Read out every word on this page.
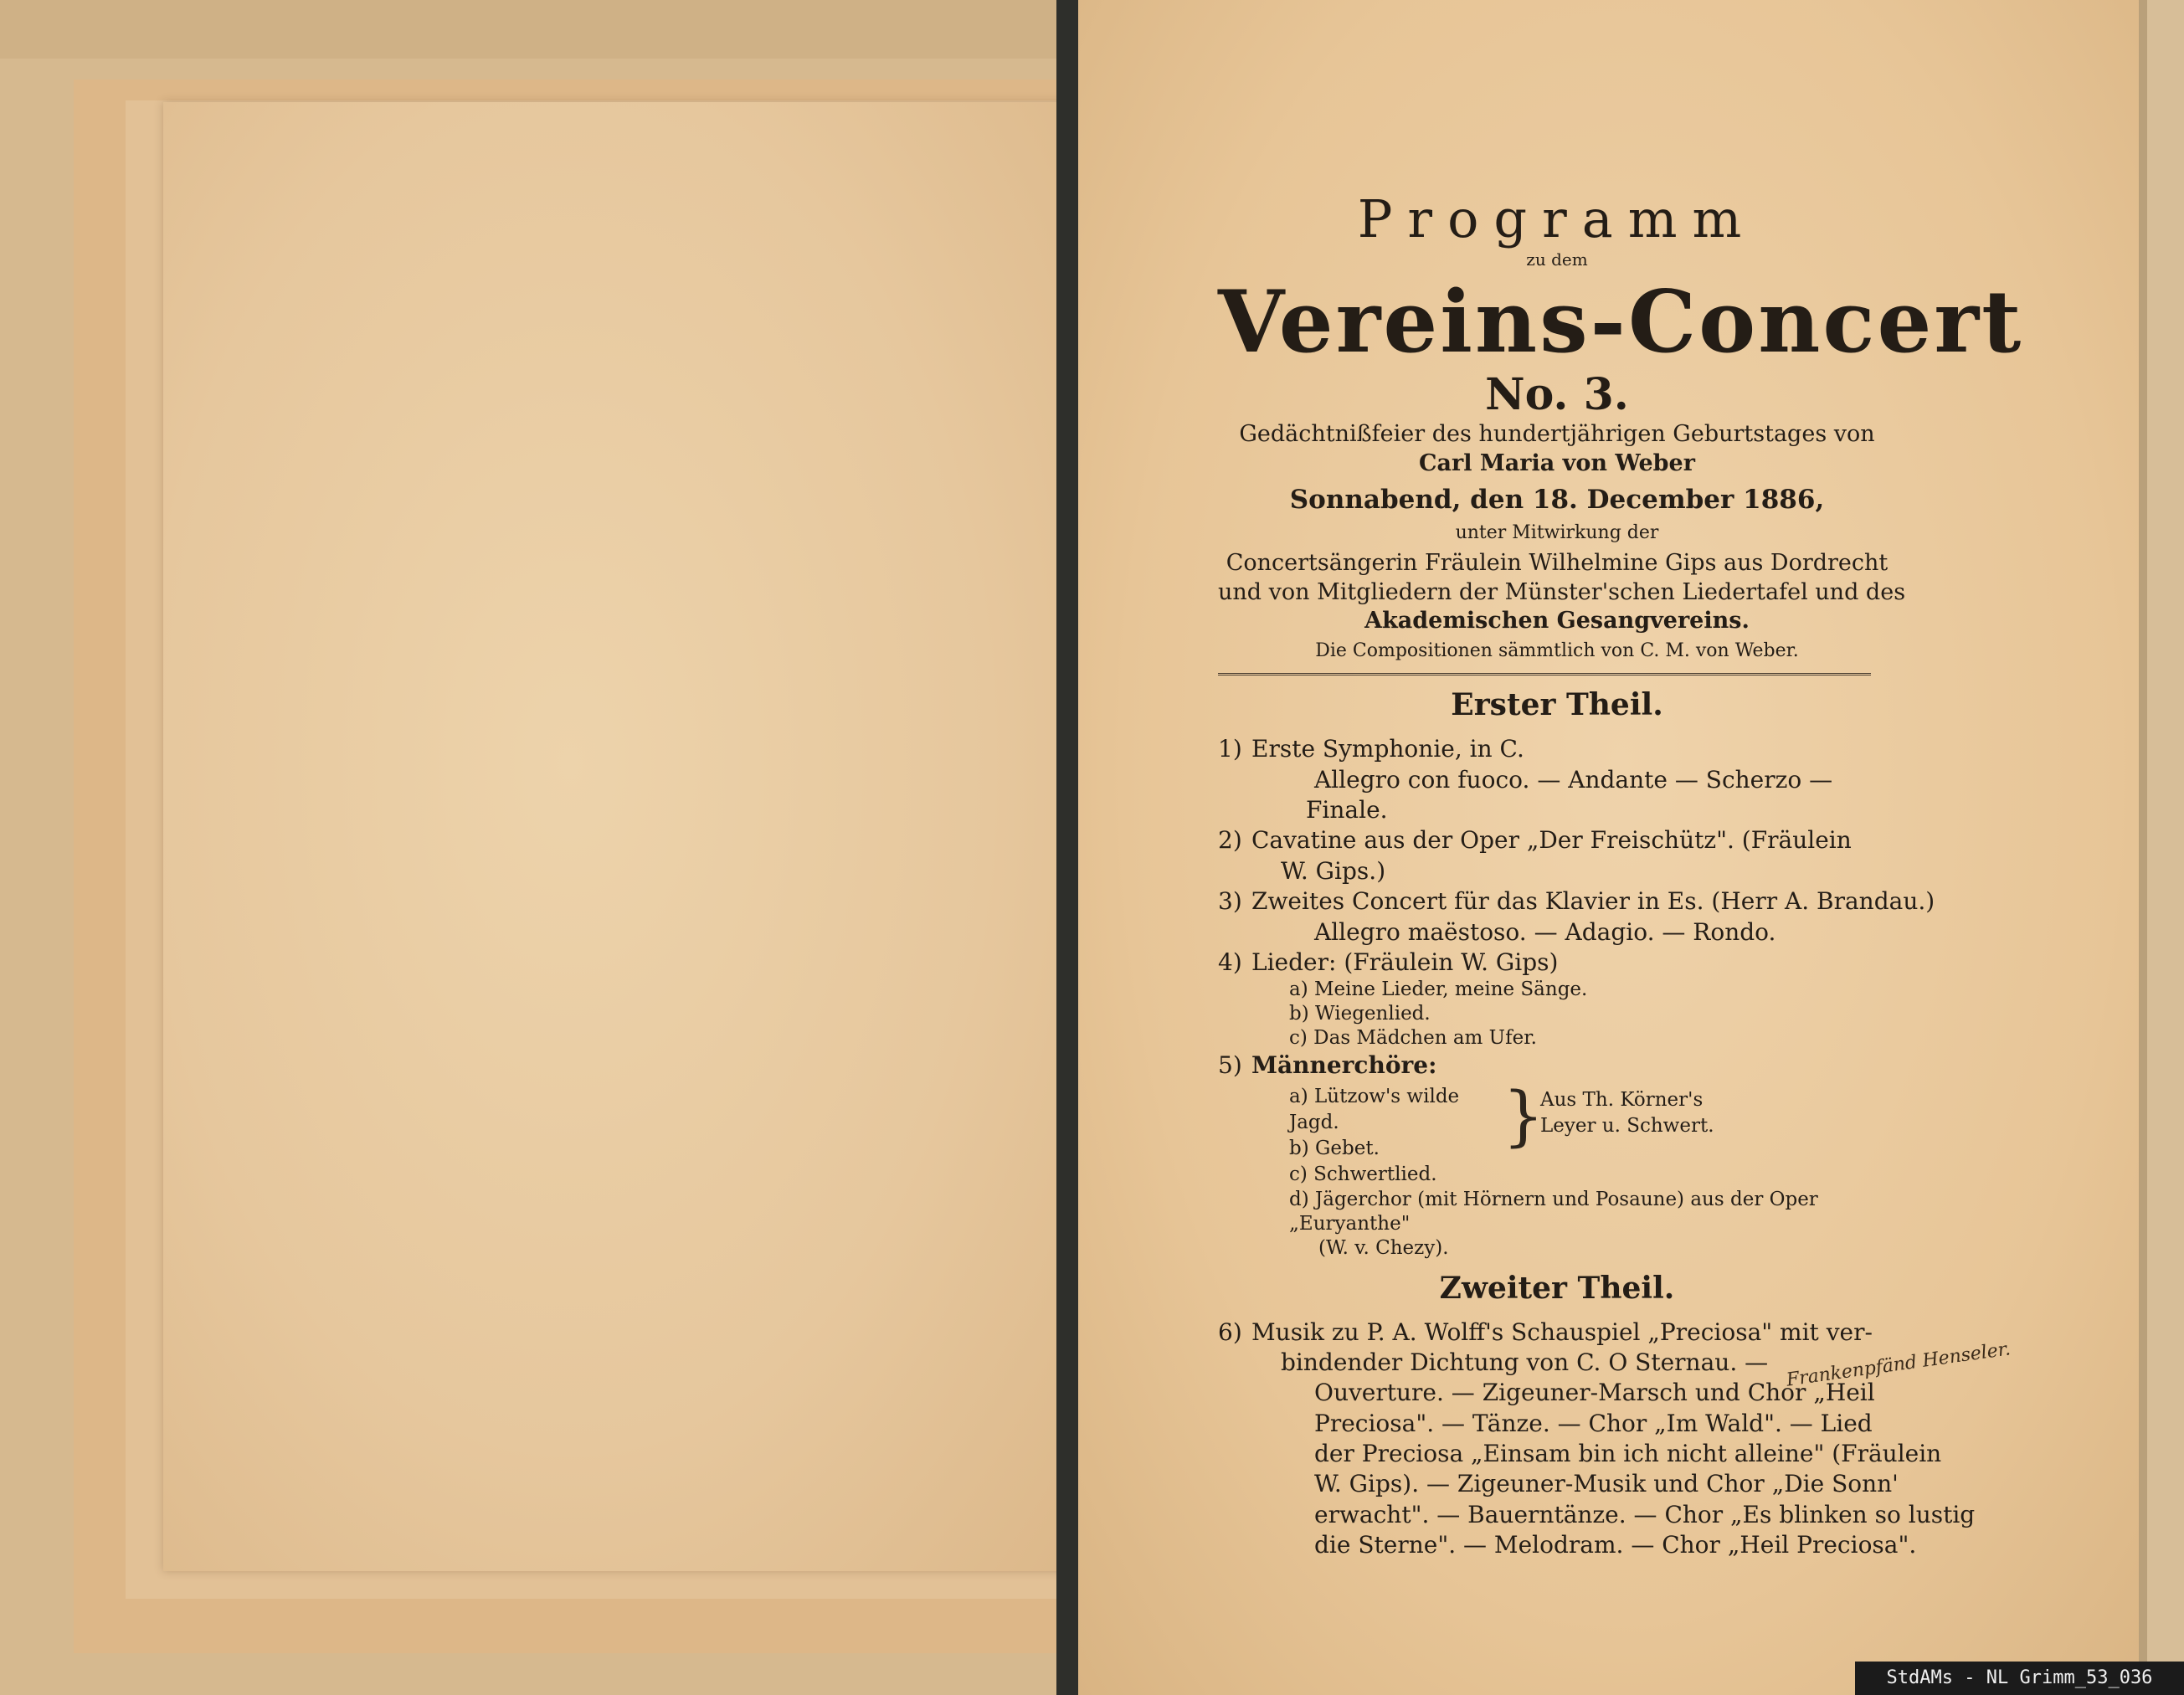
Programm
zu dem
Vereins-Concert
No. 3.
Gedächtnißfeier des hundertjährigen Geburtstages von
Carl Maria von Weber
Sonnabend, den 18. December 1886,
unter Mitwirkung der
Concertsängerin Fräulein Wilhelmine Gips aus Dordrecht
und von Mitgliedern der Münster'schen Liedertafel und des
Akademischen Gesangvereins.
Die Compositionen sämmtlich von C. M. von Weber.
Erster Theil.
1) Erste Symphonie, in C.
Allegro con fuoco. — Andante — Scherzo —
Finale.
2) Cavatine aus der Oper „Der Freischütz". (Fräulein
W. Gips.)
3) Zweites Concert für das Klavier in Es. (Herr A. Brandau.)
Allegro maëstoso. — Adagio. — Rondo.
4) Lieder: (Fräulein W. Gips)
a) Meine Lieder, meine Sänge.
b) Wiegenlied.
c) Das Mädchen am Ufer.
5) Männerchöre:
a) Lützow's wilde Jagd.
b) Gebet.
c) Schwertlied.
}
Aus Th. Körner's
Leyer u. Schwert.
d) Jägerchor (mit Hörnern und Posaune) aus der Oper „Euryanthe"
(W. v. Chezy).
Zweiter Theil.
6) Musik zu P. A. Wolff's Schauspiel „Preciosa" mit ver-
bindender Dichtung von C. O Sternau. — Frankenpfänd Henseler.
Ouverture. — Zigeuner-Marsch und Chor „Heil
Preciosa". — Tänze. — Chor „Im Wald". — Lied
der Preciosa „Einsam bin ich nicht alleine" (Fräulein
W. Gips). — Zigeuner-Musik und Chor „Die Sonn'
erwacht". — Bauerntänze. — Chor „Es blinken so lustig
die Sterne". — Melodram. — Chor „Heil Preciosa".
StdAMs - NL Grimm_53_036
